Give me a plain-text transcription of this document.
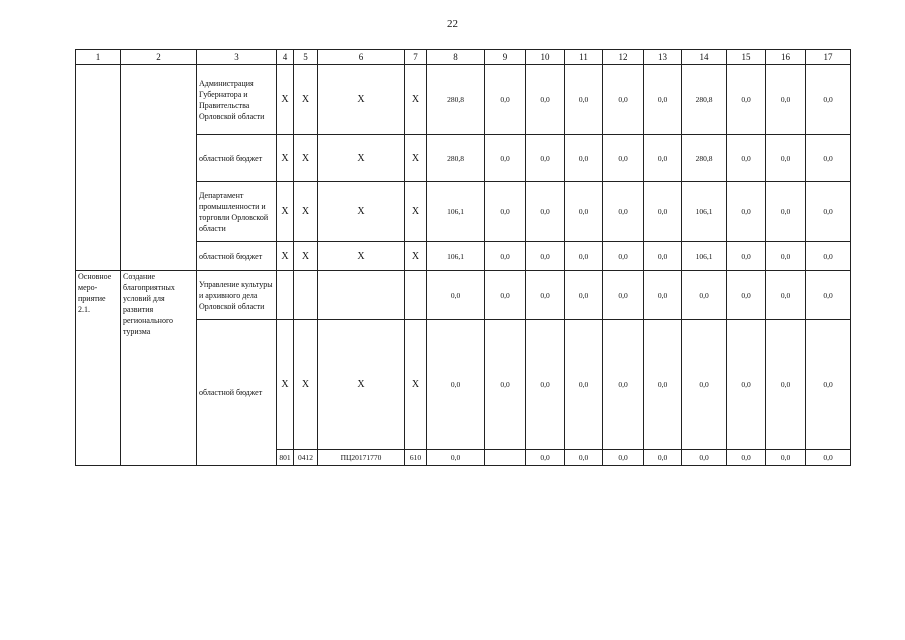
22
1	2	3	4	5	6	7	8	9	10	11	12	13	14	15	16	17
		Администрация Губернатора и Правительства Орловской области	Х	Х	Х	Х	280,8	0,0	0,0	0,0	0,0	0,0	280,8	0,0	0,0	0,0
		областной бюджет	Х	Х	Х	Х	280,8	0,0	0,0	0,0	0,0	0,0	280,8	0,0	0,0	0,0
		Департамент промышленности и торговли Орловской области	Х	Х	Х	Х	106,1	0,0	0,0	0,0	0,0	0,0	106,1	0,0	0,0	0,0
		областной бюджет	Х	Х	Х	Х	106,1	0,0	0,0	0,0	0,0	0,0	106,1	0,0	0,0	0,0
Основное меро-приятие 2.1.	Создание благоприятных условий для развития регионального туризма	Управление культуры и архивного дела Орловской области					0,0	0,0	0,0	0,0	0,0	0,0	0,0	0,0	0,0	0,0
		областной бюджет	Х	Х	Х	Х	0,0	0,0	0,0	0,0	0,0	0,0	0,0	0,0	0,0	0,0
			801	0412	ПЦ20171770	610	0,0		0,0	0,0	0,0	0,0	0,0	0,0	0,0	0,0
